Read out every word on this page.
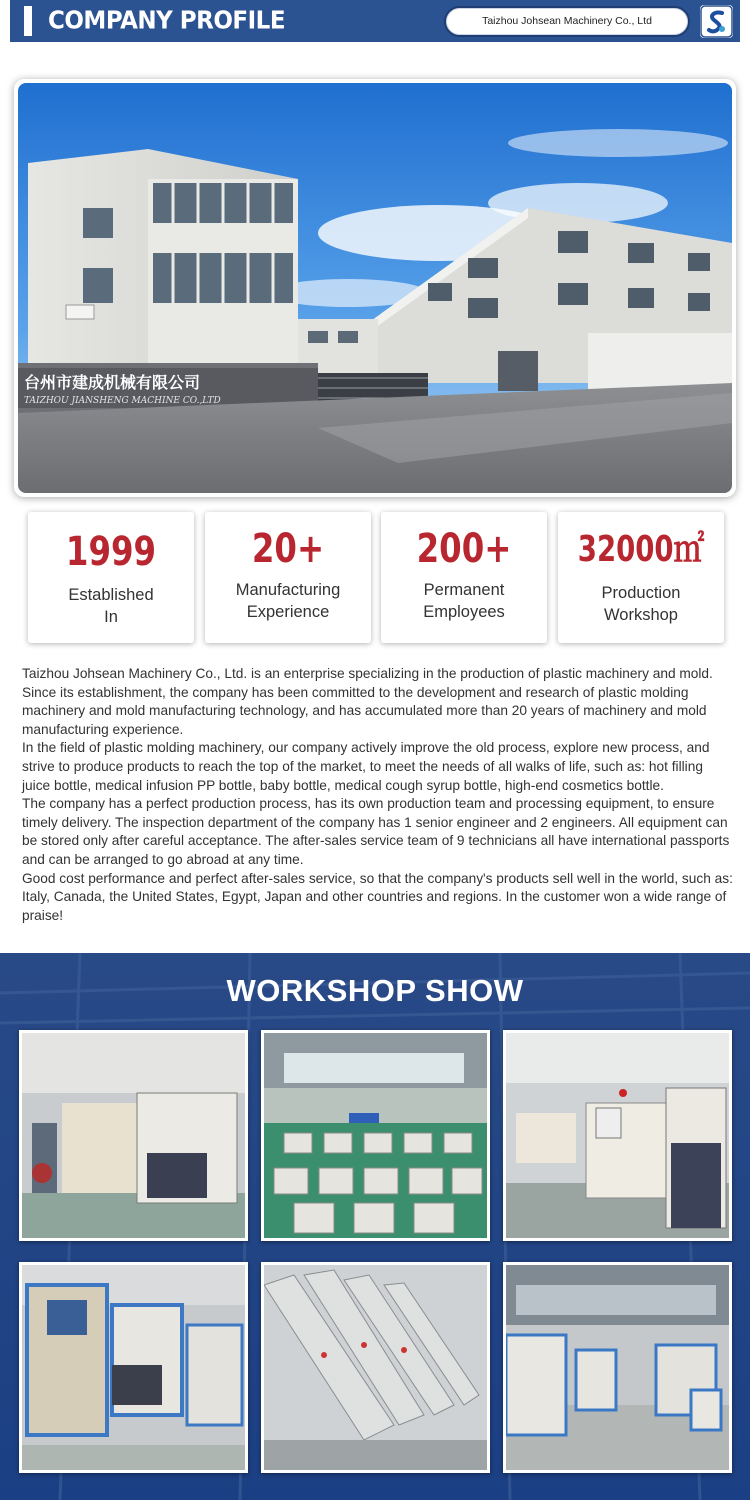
COMPANY PROFILE	Taizhou Johsean Machinery Co., Ltd
台州市建成机械有限公司
TAIZHOU JIANSHENG MACHINE CO.,LTD
1999
Established
In
20+
Manufacturing
Experience
200+
Permanent
Employees
32000㎡
Production
Workshop

Taizhou Johsean Machinery Co., Ltd. is an enterprise specializing in the production of plastic machinery and mold. Since its establishment, the company has been committed to the development and research of plastic molding machinery and mold manufacturing technology, and has accumulated more than 20 years of machinery and mold manufacturing experience.

In the field of plastic molding machinery, our company actively improve the old process, explore new process, and strive to produce products to reach the top of the market, to meet the needs of all walks of life, such as: hot filling juice bottle, medical infusion PP bottle, baby bottle, medical cough syrup bottle, high-end cosmetics bottle.

The company has a perfect production process, has its own production team and processing equipment, to ensure timely delivery. The inspection department of the company has 1 senior engineer and 2 engineers. All equipment can be stored only after careful acceptance. The after-sales service team of 9 technicians all have international passports and can be arranged to go abroad at any time.

Good cost performance and perfect after-sales service, so that the company's products sell well in the world, such as: Italy, Canada, the United States, Egypt, Japan and other countries and regions. In the customer won a wide range of praise!

WORKSHOP SHOW
